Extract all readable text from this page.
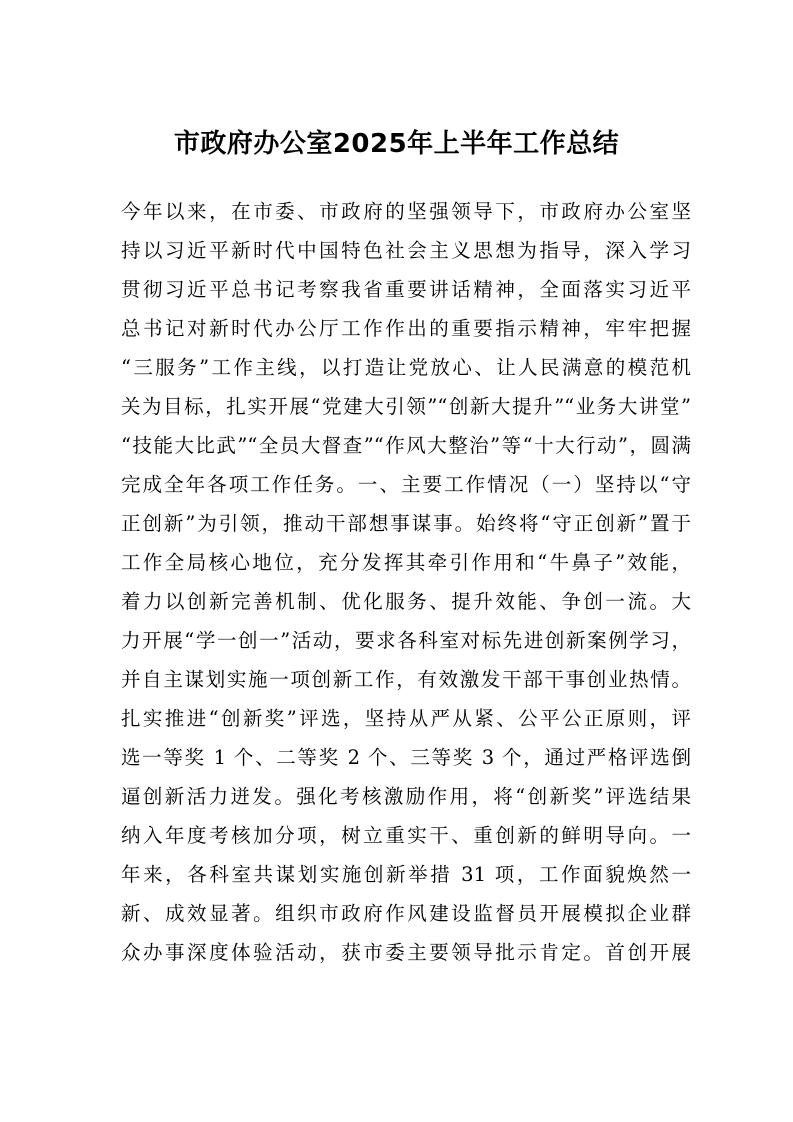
市政府办公室2025年上半年工作总结
今年以来，在市委、市政府的坚强领导下，市政府办公室坚
持以习近平新时代中国特色社会主义思想为指导，深入学习
贯彻习近平总书记考察我省重要讲话精神，全面落实习近平
总书记对新时代办公厅工作作出的重要指示精神，牢牢把握
“三服务”工作主线，以打造让党放心、让人民满意的模范机
关为目标，扎实开展“党建大引领”“创新大提升”“业务大讲堂”
“技能大比武”“全员大督查”“作风大整治”等“十大行动”，圆满
完成全年各项工作任务。一、主要工作情况（一）坚持以“守
正创新”为引领，推动干部想事谋事。始终将“守正创新”置于
工作全局核心地位，充分发挥其牵引作用和“牛鼻子”效能，
着力以创新完善机制、优化服务、提升效能、争创一流。大
力开展“学一创一”活动，要求各科室对标先进创新案例学习，
并自主谋划实施一项创新工作，有效激发干部干事创业热情。
扎实推进“创新奖”评选，坚持从严从紧、公平公正原则，评
选一等奖 1 个、二等奖 2 个、三等奖 3 个，通过严格评选倒
逼创新活力迸发。强化考核激励作用，将“创新奖”评选结果
纳入年度考核加分项，树立重实干、重创新的鲜明导向。一
年来，各科室共谋划实施创新举措 31 项，工作面貌焕然一
新、成效显著。组织市政府作风建设监督员开展模拟企业群
众办事深度体验活动，获市委主要领导批示肯定。首创开展
